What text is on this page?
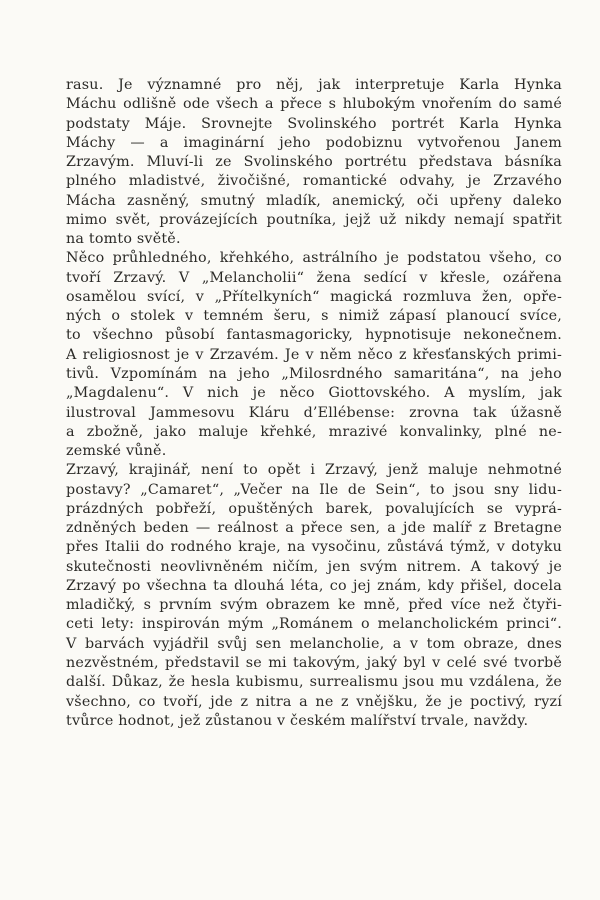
rasu. Je významné pro něj, jak interpretuje Karla Hynka
Máchu odlišně ode všech a přece s hlubokým vnořením do samé
podstaty Máje. Srovnejte Svolinského portrét Karla Hynka
Máchy — a imaginární jeho podobiznu vytvořenou Janem
Zrzavým. Mluví-li ze Svolinského portrétu představa básníka
plného mladistvé, živočišné, romantické odvahy, je Zrzavého
Mácha zasněný, smutný mladík, anemický, oči upřeny daleko
mimo svět, provázejících poutníka, jejž už nikdy nemají spatřit
na tomto světě.
Něco průhledného, křehkého, astrálního je podstatou všeho, co
tvoří Zrzavý. V „Melancholii“ žena sedící v křesle, ozářena
osamělou svící, v „Přítelkyních“ magická rozmluva žen, opře-
ných o stolek v temném šeru, s nimiž zápasí planoucí svíce,
to všechno působí fantasmagoricky, hypnotisuje nekonečnem.
A religiosnost je v Zrzavém. Je v něm něco z křesťanských primi-
tivů. Vzpomínám na jeho „Milosrdného samaritána“, na jeho
„Magdalenu“. V nich je něco Giottovského. A myslím, jak
ilustroval Jammesovu Kláru d’Ellébense: zrovna tak úžasně
a zbožně, jako maluje křehké, mrazivé konvalinky, plné ne-
zemské vůně.
Zrzavý, krajinář, není to opět i Zrzavý, jenž maluje nehmotné
postavy? „Camaret“, „Večer na Ile de Sein“, to jsou sny lidu-
prázdných pobřeží, opuštěných barek, povalujících se vyprá-
zdněných beden — reálnost a přece sen, a jde malíř z Bretagne
přes Italii do rodného kraje, na vysočinu, zůstává týmž, v dotyku
skutečnosti neovlivněném ničím, jen svým nitrem. A takový je
Zrzavý po všechna ta dlouhá léta, co jej znám, kdy přišel, docela
mladičký, s prvním svým obrazem ke mně, před více než čtyři-
ceti lety: inspirován mým „Románem o melancholickém princi“.
V barvách vyjádřil svůj sen melancholie, a v tom obraze, dnes
nezvěstném, představil se mi takovým, jaký byl v celé své tvorbě
další. Důkaz, že hesla kubismu, surrealismu jsou mu vzdálena, že
všechno, co tvoří, jde z nitra a ne z vnějšku, že je poctivý, ryzí
tvůrce hodnot, jež zůstanou v českém malířství trvale, navždy.
